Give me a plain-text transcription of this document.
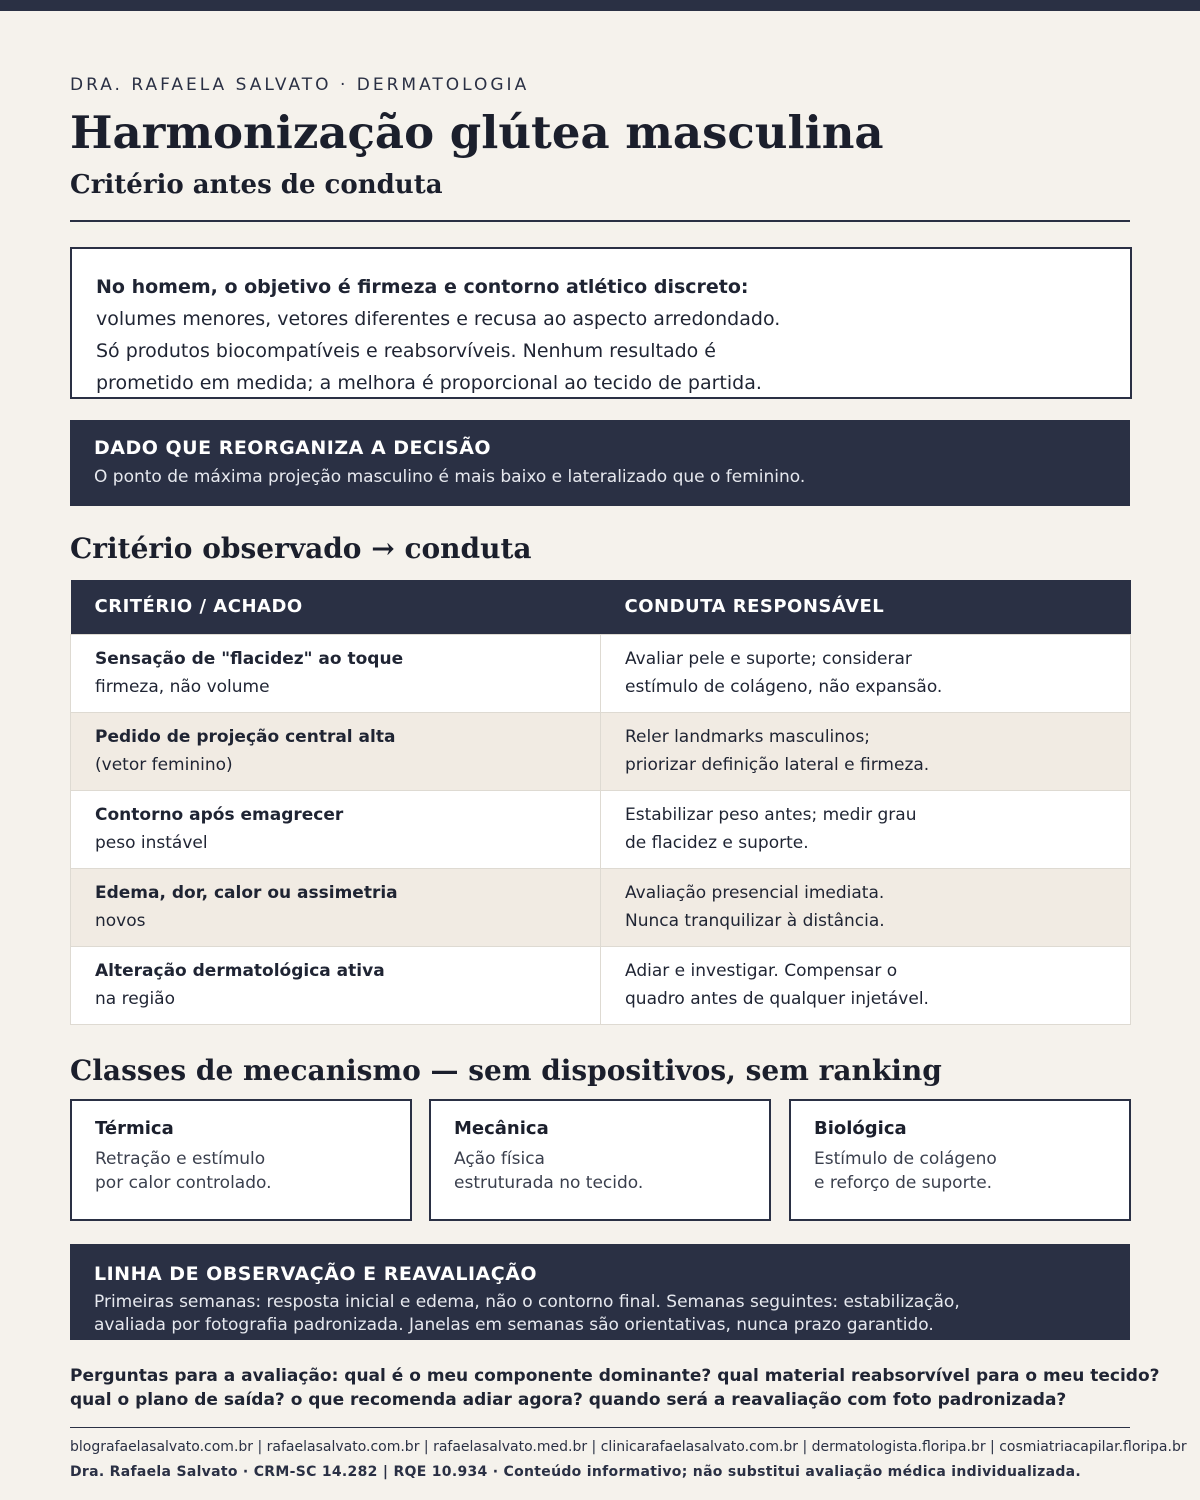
DRA. RAFAELA SALVATO · DERMATOLOGIA
Harmonização glútea masculina
Critério antes de conduta
No homem, o objetivo é firmeza e contorno atlético discreto:
volumes menores, vetores diferentes e recusa ao aspecto arredondado.
Só produtos biocompatíveis e reabsorvíveis. Nenhum resultado é
prometido em medida; a melhora é proporcional ao tecido de partida.
DADO QUE REORGANIZA A DECISÃO
O ponto de máxima projeção masculino é mais baixo e lateralizado que o feminino.
Critério observado → conduta
CRITÉRIO / ACHADO	CONDUTA RESPONSÁVEL

Sensação de "flacidez" ao toque
firmeza, não volume	Avaliar pele e suporte; considerar
estímulo de colágeno, não expansão.

Pedido de projeção central alta
(vetor feminino)	Reler landmarks masculinos;
priorizar definição lateral e firmeza.

Contorno após emagrecer
peso instável	Estabilizar peso antes; medir grau
de flacidez e suporte.

Edema, dor, calor ou assimetria
novos	Avaliação presencial imediata.
Nunca tranquilizar à distância.

Alteração dermatológica ativa
na região	Adiar e investigar. Compensar o
quadro antes de qualquer injetável.
Classes de mecanismo — sem dispositivos, sem ranking
Térmica
Retração e estímulo
por calor controlado.
Mecânica
Ação física
estruturada no tecido.
Biológica
Estímulo de colágeno
e reforço de suporte.
LINHA DE OBSERVAÇÃO E REAVALIAÇÃO
Primeiras semanas: resposta inicial e edema, não o contorno final. Semanas seguintes: estabilização,
avaliada por fotografia padronizada. Janelas em semanas são orientativas, nunca prazo garantido.
Perguntas para a avaliação: qual é o meu componente dominante? qual material reabsorvível para o meu tecido?
qual o plano de saída? o que recomenda adiar agora? quando será a reavaliação com foto padronizada?
blografaelasalvato.com.br | rafaelasalvato.com.br | rafaelasalvato.med.br | clinicarafaelasalvato.com.br | dermatologista.floripa.br | cosmiatriacapilar.floripa.br
Dra. Rafaela Salvato · CRM-SC 14.282 | RQE 10.934 · Conteúdo informativo; não substitui avaliação médica individualizada.
